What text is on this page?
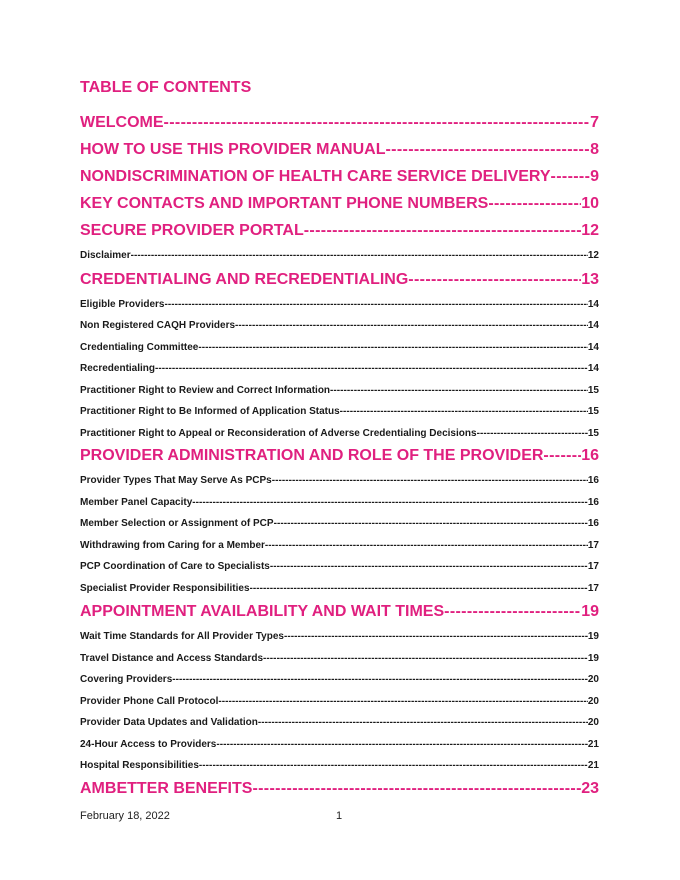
TABLE OF CONTENTS
WELCOME -----	7
HOW TO USE THIS PROVIDER MANUAL -----	8
NONDISCRIMINATION OF HEALTH CARE SERVICE DELIVERY ----- 9
KEY CONTACTS AND IMPORTANT PHONE NUMBERS -----	10
SECURE PROVIDER PORTAL -----	12
Disclaimer -----	12
CREDENTIALING AND RECREDENTIALING -----	13
Eligible Providers -----	14
Non Registered CAQH Providers -----	14
Credentialing Committee -----	14
Recredentialing -----	14
Practitioner Right to Review and Correct Information -----	15
Practitioner Right to Be Informed of Application Status -----	15
Practitioner Right to Appeal or Reconsideration of Adverse Credentialing Decisions -----	15
PROVIDER ADMINISTRATION AND ROLE OF THE PROVIDER ----- 16
Provider Types That May Serve As PCPs -----	16
Member Panel Capacity -----	16
Member Selection or Assignment of PCP -----	16
Withdrawing from Caring for a Member -----	17
PCP Coordination of Care to Specialists -----	17
Specialist Provider Responsibilities -----	17
APPOINTMENT AVAILABILITY AND WAIT TIMES -----	19
Wait Time Standards for All Provider Types -----	19
Travel Distance and Access Standards -----	19
Covering Providers -----	20
Provider Phone Call Protocol -----	20
Provider Data Updates and Validation -----	20
24-Hour Access to Providers -----	21
Hospital Responsibilities -----	21
AMBETTER BENEFITS -----	23
February 18, 2022	1
